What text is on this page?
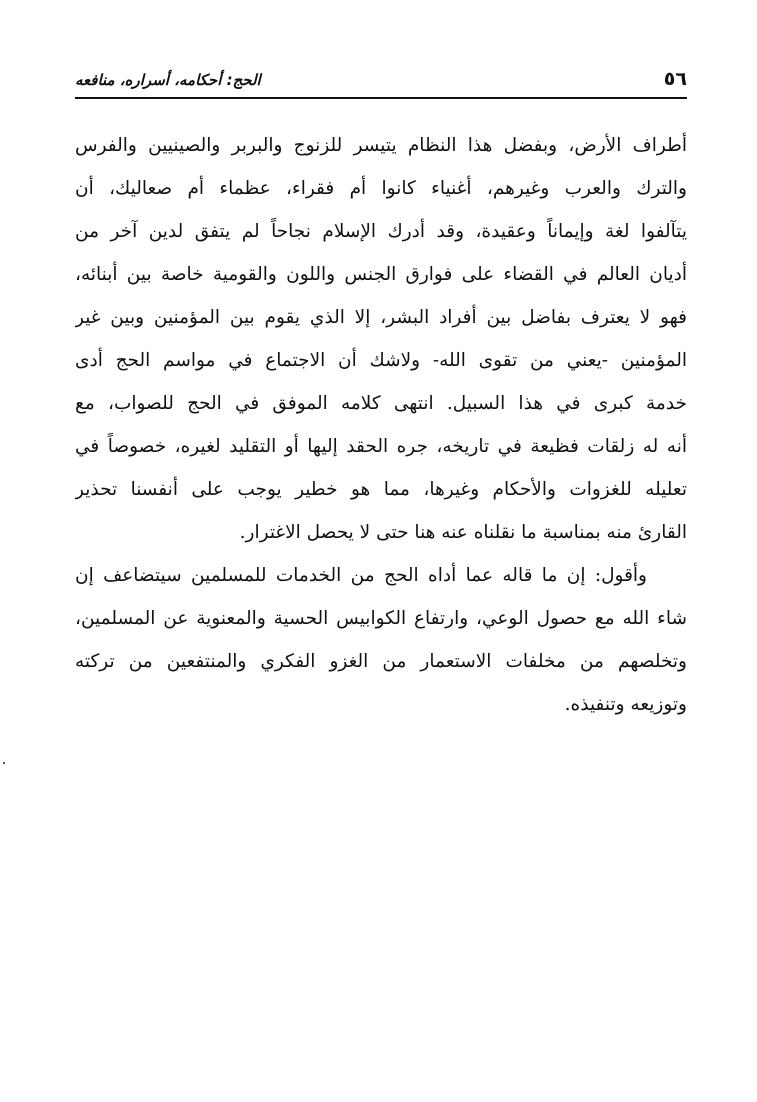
٥٦
الحج: أحكامه، أسراره، منافعه
أطراف الأرض، وبفضل هذا النظام يتيسر للزنوج والبربر والصينيين والفرس
والترك والعرب وغيرهم، أغنياء كانوا أم فقراء، عظماء أم صعاليك، أن
يتآلفوا لغة وإيماناً وعقيدة، وقد أدرك الإسلام نجاحاً لم يتفق لدين آخر من
أديان العالم في القضاء على فوارق الجنس واللون والقومية خاصة بين أبنائه،
فهو لا يعترف بفاضل بين أفراد البشر، إلا الذي يقوم بين المؤمنين وبين غير
المؤمنين -يعني من تقوى الله- ولاشك أن الاجتماع في مواسم الحج أدى
خدمة كبرى في هذا السبيل. انتهى كلامه الموفق في الحج للصواب، مع
أنه له زلقات فظيعة في تاريخه، جره الحقد إليها أو التقليد لغيره، خصوصاً في
تعليله للغزوات والأحكام وغيرها، مما هو خطير يوجب على أنفسنا تحذير
القارئ منه بمناسبة ما نقلناه عنه هنا حتى لا يحصل الاغترار.
وأقول: إن ما قاله عما أداه الحج من الخدمات للمسلمين سيتضاعف إن
شاء الله مع حصول الوعي، وارتفاع الكوابيس الحسية والمعنوية عن المسلمين،
وتخلصهم من مخلفات الاستعمار من الغزو الفكري والمنتفعين من تركته
وتوزيعه وتنفيذه.
